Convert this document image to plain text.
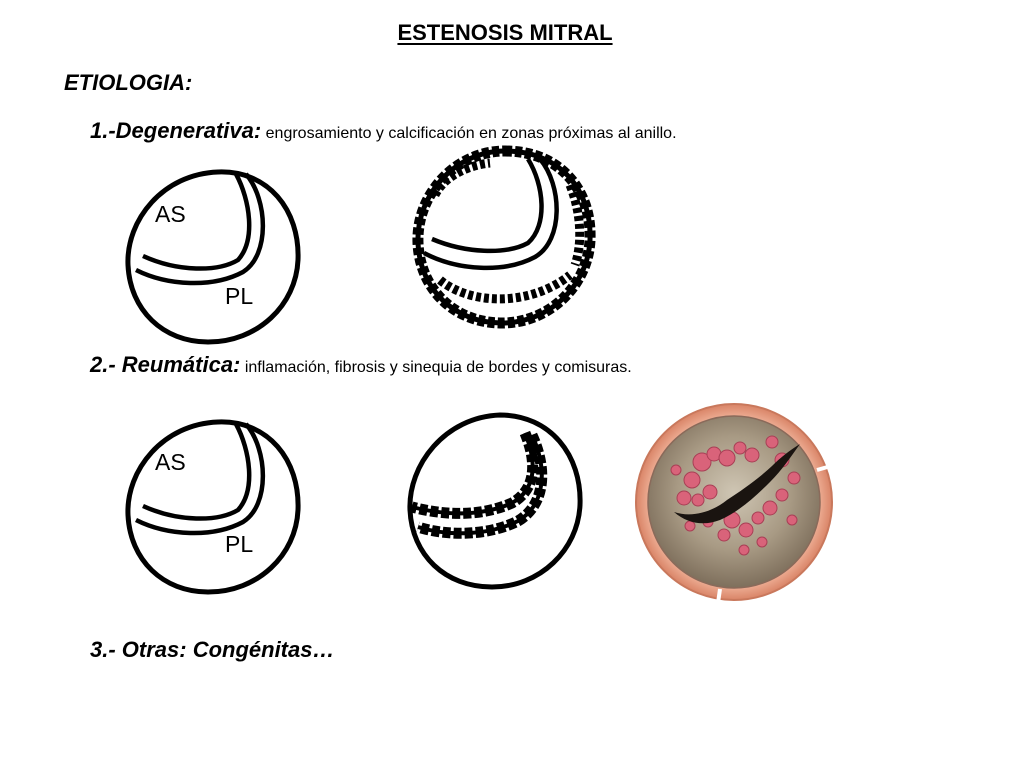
ESTENOSIS MITRAL
ETIOLOGIA:
1.-Degenerativa: engrosamiento y calcificación en zonas próximas al anillo.
2.- Reumática: inflamación, fibrosis y sinequia de bordes y comisuras.
3.- Otras: Congénitas…
AS
PL
AS
PL
